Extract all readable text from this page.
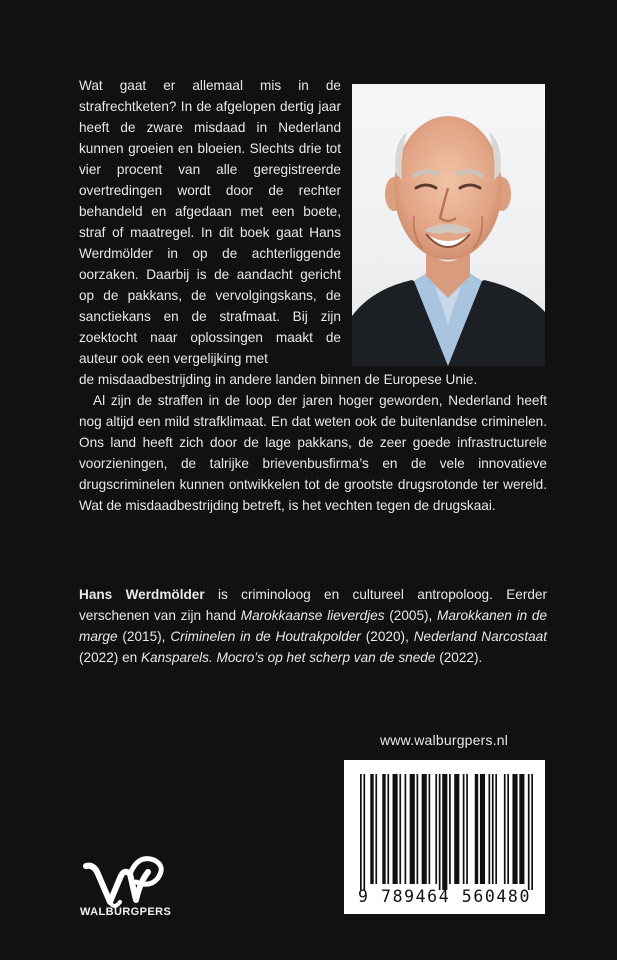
Wat gaat er allemaal mis in de strafrechtketen? In de afgelopen dertig jaar heeft de zware misdaad in Nederland kunnen groeien en bloeien. Slechts drie tot vier procent van alle geregistreerde overtredingen wordt door de rechter behandeld en afgedaan met een boete, straf of maatregel. In dit boek gaat Hans Werdmölder in op de achterliggende oorzaken. Daarbij is de aandacht gericht op de pakkans, de vervolgingskans, de sanctiekans en de strafmaat. Bij zijn zoektocht naar oplossingen maakt de auteur ook een vergelijking met

de misdaadbestrijding in andere landen binnen de Europese Unie.

Al zijn de straffen in de loop der jaren hoger geworden, Nederland heeft nog altijd een mild strafklimaat. En dat weten ook de buitenlandse criminelen. Ons land heeft zich door de lage pakkans, de zeer goede infrastructurele voorzieningen, de talrijke brievenbusfirma’s en de vele innovatieve drugscriminelen kunnen ontwikkelen tot de grootste drugsrotonde ter wereld. Wat de misdaadbestrijding betreft, is het vechten tegen de drugskaai.

Hans Werdmölder is criminoloog en cultureel antropoloog. Eerder verschenen van zijn hand Marokkaanse lieverdjes (2005), Marokkanen in de marge (2015), Criminelen in de Houtrakpolder (2020), Nederland Narcostaat (2022) en Kansparels. Mocro’s op het scherp van de snede (2022).

www.walburgpers.nl
9 789464 560480
WALBURGPERS
